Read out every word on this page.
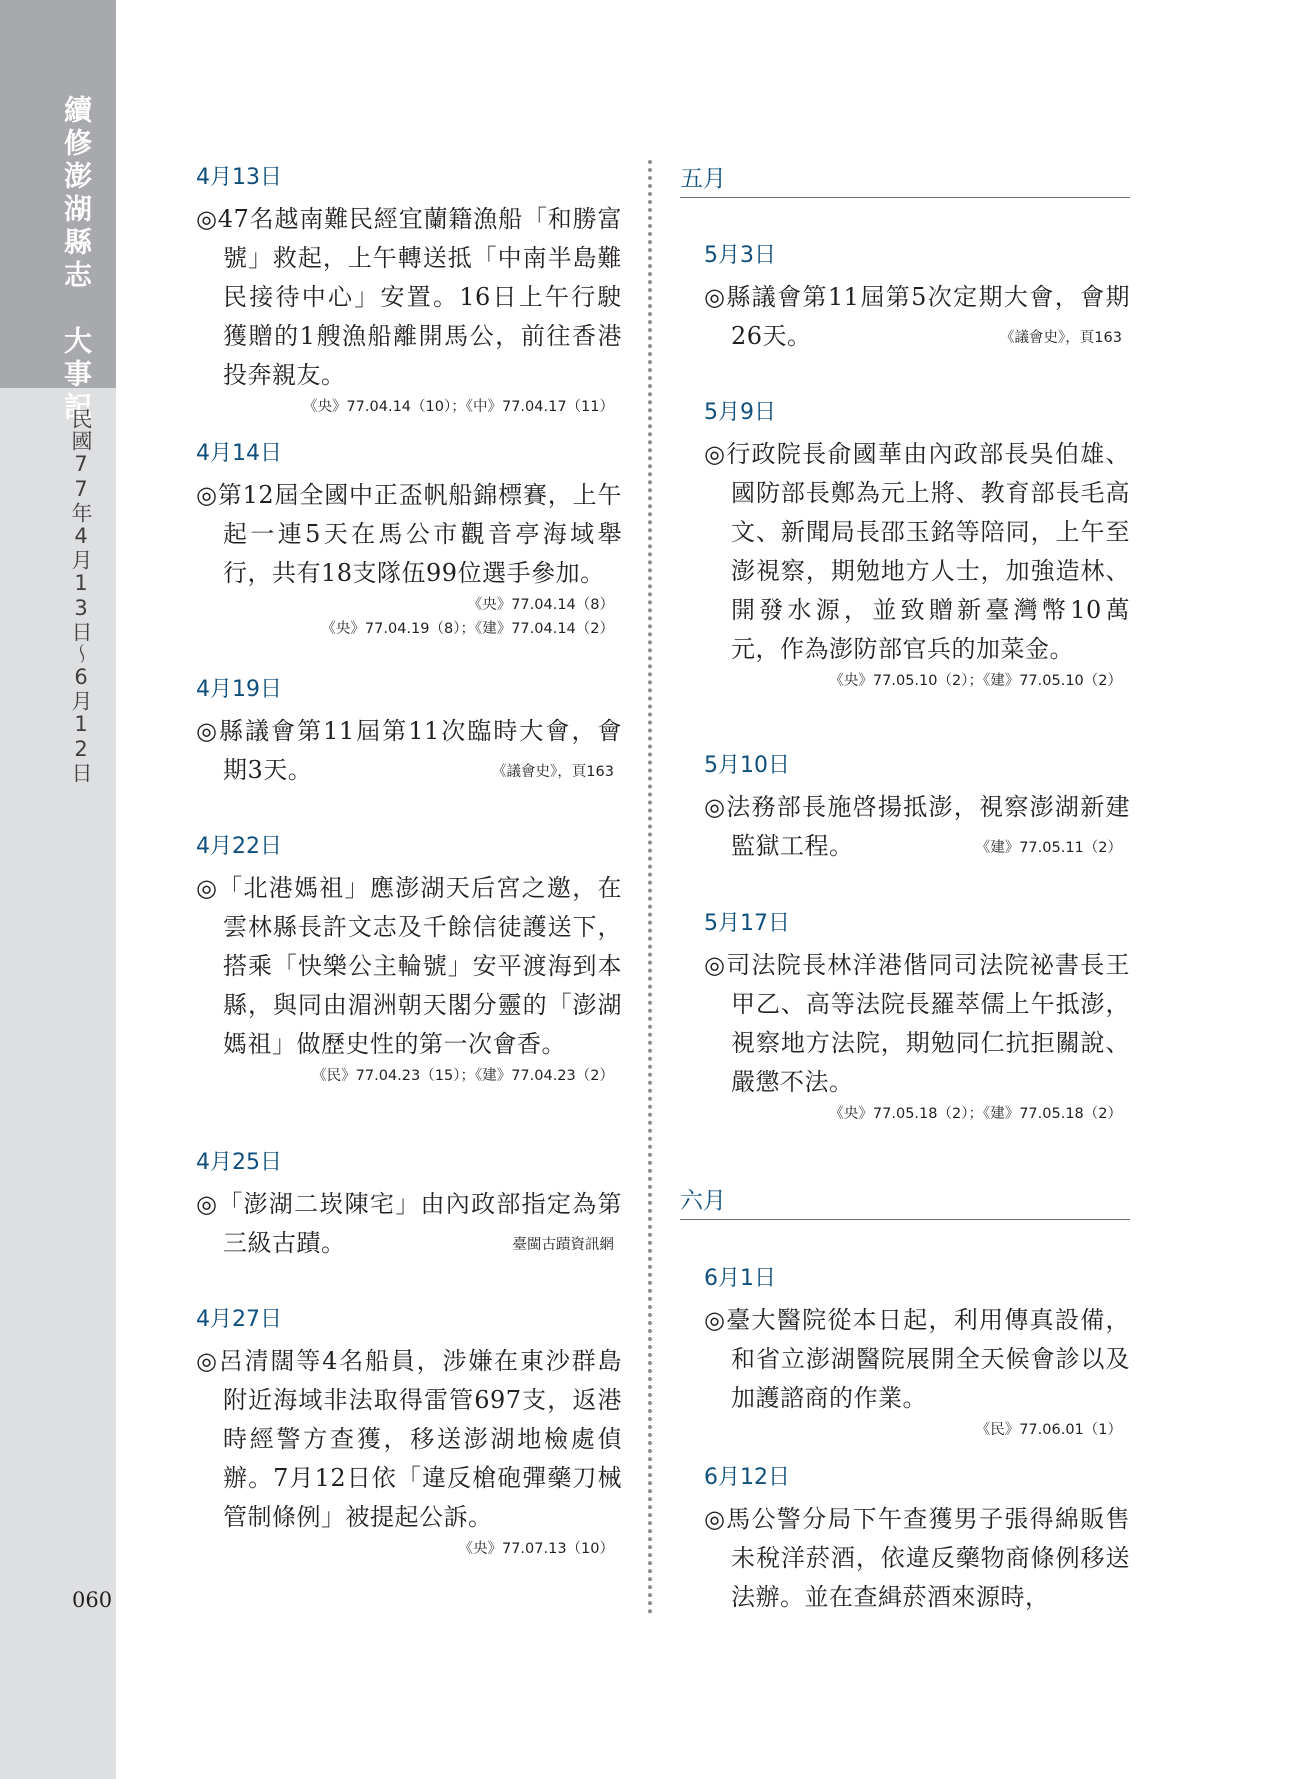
續修澎湖縣志　大事記
民國77年4月13日～6月12日
060
4月13日

◎47名越南難民經宜蘭籍漁船「和勝富號」救起，上午轉送抵「中南半島難民接待中心」安置。16日上午行駛獲贈的1艘漁船離開馬公，前往香港投奔親友。

《央》77.04.14（10）；《中》77.04.17（11）
4月14日

◎第12屆全國中正盃帆船錦標賽，上午起一連5天在馬公市觀音亭海域舉行，共有18支隊伍99位選手參加。

《央》77.04.14（8）
《央》77.04.19（8）；《建》77.04.14（2）
4月19日

◎縣議會第11屆第11次臨時大會，會期3天。	《議會史》，頁163
4月22日

◎「北港媽祖」應澎湖天后宮之邀，在雲林縣長許文志及千餘信徒護送下，搭乘「快樂公主輪號」安平渡海到本縣，與同由湄洲朝天閣分靈的「澎湖媽祖」做歷史性的第一次會香。

《民》77.04.23（15）；《建》77.04.23（2）
4月25日

◎「澎湖二崁陳宅」由內政部指定為第三級古蹟。	臺閩古蹟資訊網
4月27日

◎呂清闊等4名船員，涉嫌在東沙群島附近海域非法取得雷管697支，返港時經警方查獲，移送澎湖地檢處偵辦。7月12日依「違反槍砲彈藥刀械管制條例」被提起公訴。

《央》77.07.13（10）
五月
5月3日

◎縣議會第11屆第5次定期大會，會期26天。	《議會史》，頁163
5月9日

◎行政院長俞國華由內政部長吳伯雄、國防部長鄭為元上將、教育部長毛高文、新聞局長邵玉銘等陪同，上午至澎視察，期勉地方人士，加強造林、開發水源，並致贈新臺灣幣10萬元，作為澎防部官兵的加菜金。

《央》77.05.10（2）；《建》77.05.10（2）
5月10日

◎法務部長施啓揚抵澎，視察澎湖新建監獄工程。	《建》77.05.11（2）
5月17日

◎司法院長林洋港偕同司法院祕書長王甲乙、高等法院長羅萃儒上午抵澎，視察地方法院，期勉同仁抗拒關說、嚴懲不法。

《央》77.05.18（2）；《建》77.05.18（2）
六月
6月1日

◎臺大醫院從本日起，利用傳真設備，和省立澎湖醫院展開全天候會診以及加護諮商的作業。

《民》77.06.01（1）
6月12日

◎馬公警分局下午查獲男子張得綿販售未稅洋菸酒，依違反藥物商條例移送法辦。並在查緝菸酒來源時，
